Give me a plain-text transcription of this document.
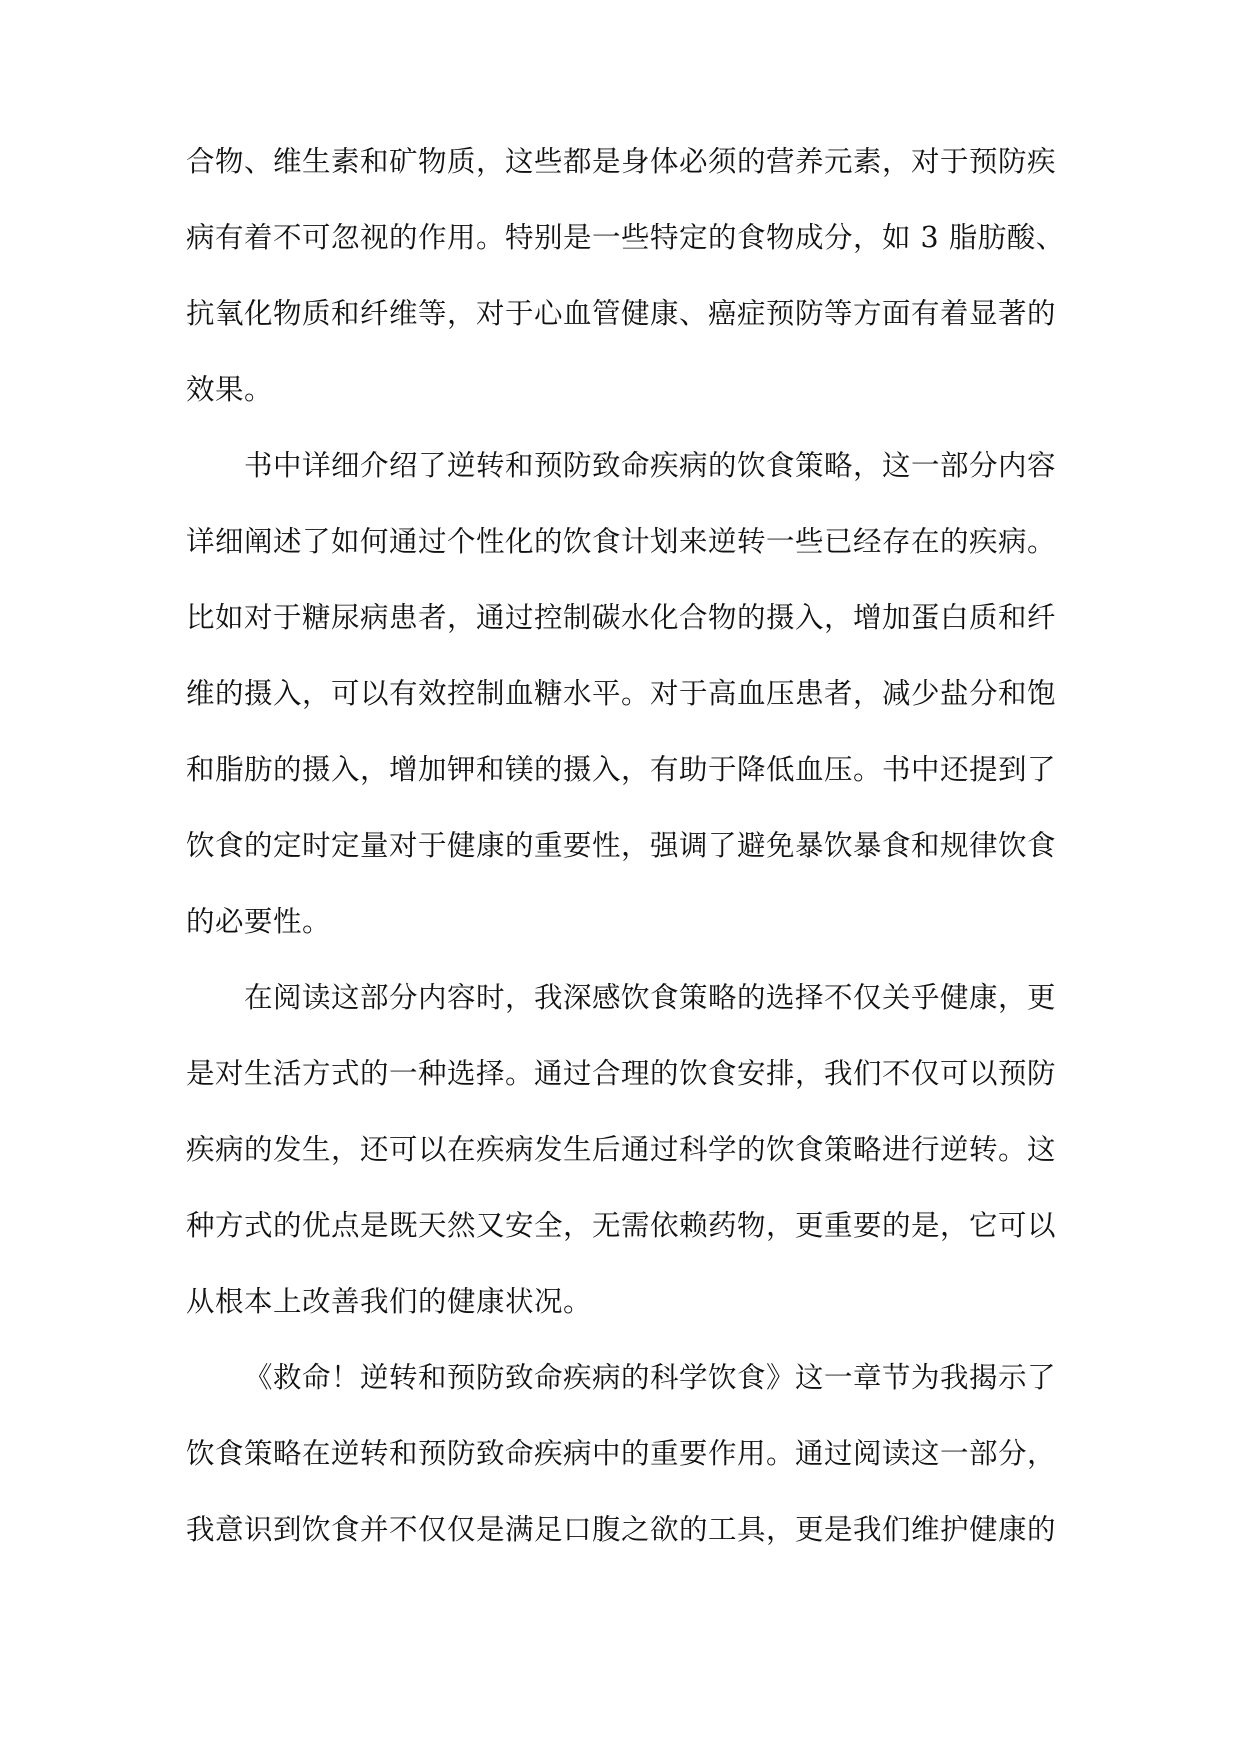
合物、维生素和矿物质，这些都是身体必须的营养元素，对于预防疾
病有着不可忽视的作用。特别是一些特定的食物成分，如 3 脂肪酸、
抗氧化物质和纤维等，对于心血管健康、癌症预防等方面有着显著的
效果。
书中详细介绍了逆转和预防致命疾病的饮食策略，这一部分内容
详细阐述了如何通过个性化的饮食计划来逆转一些已经存在的疾病。
比如对于糖尿病患者，通过控制碳水化合物的摄入，增加蛋白质和纤
维的摄入，可以有效控制血糖水平。对于高血压患者，减少盐分和饱
和脂肪的摄入，增加钾和镁的摄入，有助于降低血压。书中还提到了
饮食的定时定量对于健康的重要性，强调了避免暴饮暴食和规律饮食
的必要性。
在阅读这部分内容时，我深感饮食策略的选择不仅关乎健康，更
是对生活方式的一种选择。通过合理的饮食安排，我们不仅可以预防
疾病的发生，还可以在疾病发生后通过科学的饮食策略进行逆转。这
种方式的优点是既天然又安全，无需依赖药物，更重要的是，它可以
从根本上改善我们的健康状况。
《救命！逆转和预防致命疾病的科学饮食》这一章节为我揭示了
饮食策略在逆转和预防致命疾病中的重要作用。通过阅读这一部分，
我意识到饮食并不仅仅是满足口腹之欲的工具，更是我们维护健康的
